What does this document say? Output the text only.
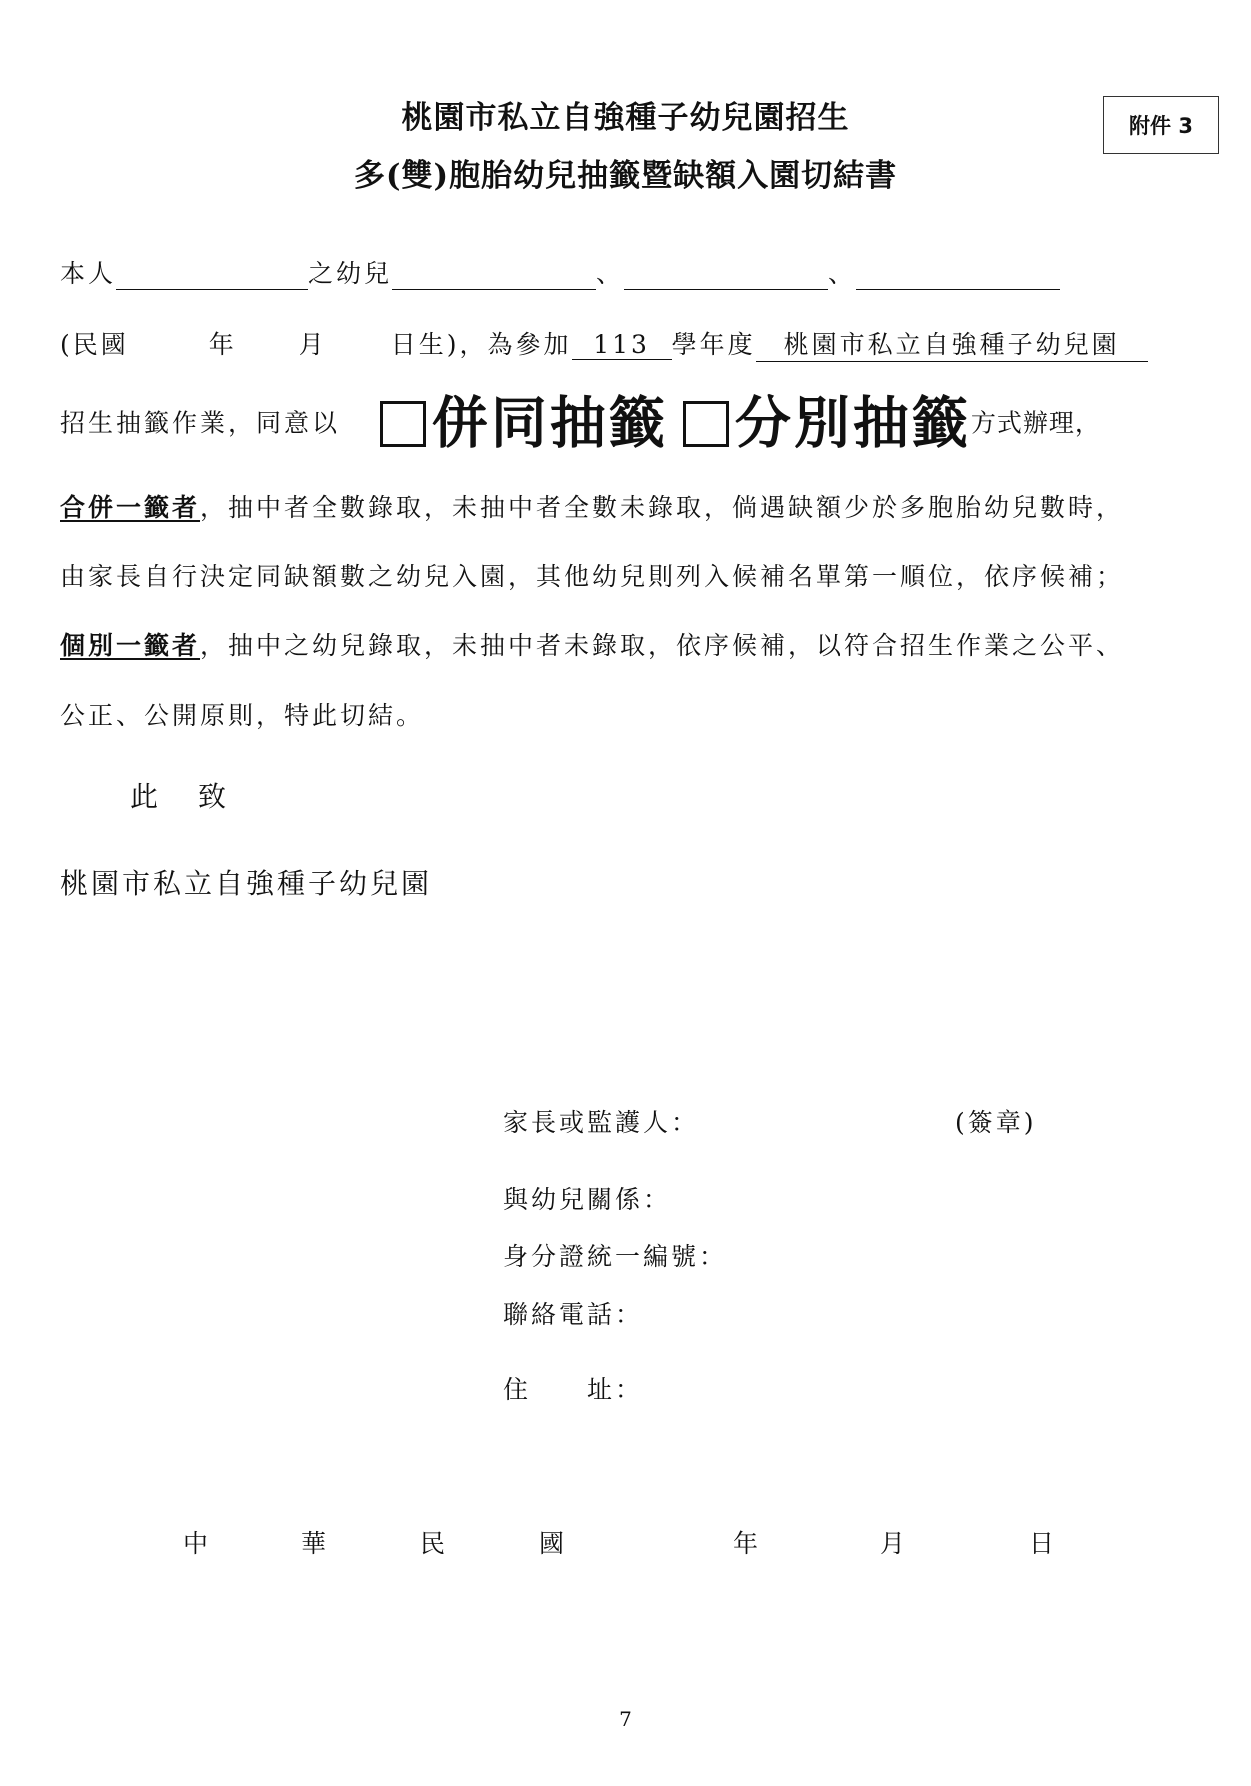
桃園市私立自強種子幼兒園招生
多(雙)胞胎幼兒抽籤暨缺額入園切結書
附件 3
本人	之幼兒	、	、
(民國	年 月	日生)，為參加 113 學年度 桃園市私立自強種子幼兒園
招生抽籤作業，同意以 併同抽籤 分別抽籤方式辦理，
合併一籤者，抽中者全數錄取，未抽中者全數未錄取，倘遇缺額少於多胞胎幼兒數時，
由家長自行決定同缺額數之幼兒入園，其他幼兒則列入候補名單第一順位，依序候補；
個別一籤者，抽中之幼兒錄取，未抽中者未錄取，依序候補，以符合招生作業之公平、
公正、公開原則，特此切結。
此　致
桃園市私立自強種子幼兒園
家長或監護人：	(簽章)
與幼兒關係：
身分證統一編號：
聯絡電話：
住　　址：
中	華	民	國	年	月	日
7
